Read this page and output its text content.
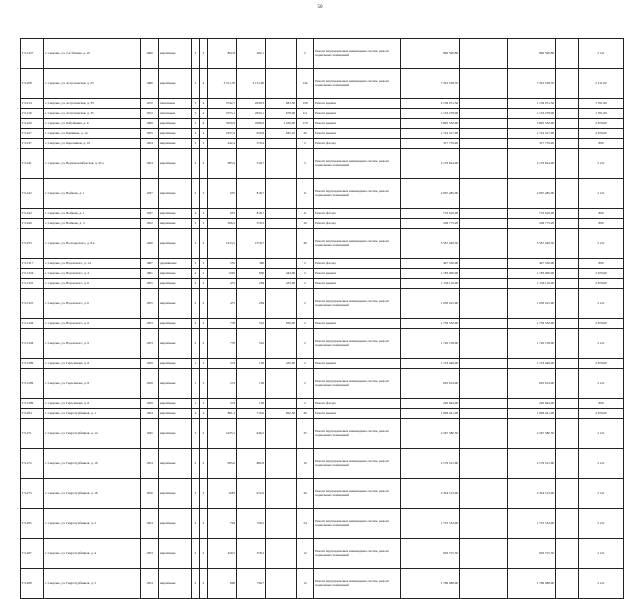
50
ГЗ-1327	г. Сызрань, ул. 2-я Упиная, д. 10	1960	кирпичные	2	2	802,8	282,1		2	Ремонт внутридомовых инженерных систем, ремонт подвальных помещений	890 590,88		890 590,88		2 211	
ГЗ-208	г. Сызрань, ул. Астраханская, д. 23	1966	кирпичные	5	4	3 311,70	3 131,90		144	Ремонт внутридомовых инженерных систем, ремонт подвальных помещений	7 322 168,70		7 322 168,70		2 211,00	
ГЗ-214	г. Сызрань, ул. Астраханская, д. 33	1972	панельные	5	4	3742,7	2639,3	681,50	128	Ремонт крыши	2 159 231,50		1 159 231,50		1 701,00	
ГЗ-216	г. Сызрань, ул. Астраханская, д. 35	1972	панельные	5	4	3753,1	2634,1	678,00	111	Ремонт крыши	1 153 278,00		1 153 278,00		1 701,00	
ГЗ-220	г. Сызрань, ул. Бабушкина, д. 6	1969	кирпичные	5	6	5050,9	4586,9	1 459,00	179	Ремонт крыши	3 895 530,00		3 895 530,00		2 670,00	
ГЗ-227	г. Сызрань, ул. Бекякина, д. 14	1955	кирпичные	3	4	1057,6	650,8	645,10	30	Ремонт крыши	1 722 417,00		1 722 417,00		2 670,00	
ГЗ-237	г. Сызрань, ул. Березняков, д. 10	1954	кирпичные	2	2	442,4	379,4		2	Ремонт фасада	317 776,40		317 776,40		806	
ГЗ-241	г. Сызрань, ул. Верхнеоктябрьская, д. 45 а	1954	кирпичные	2	2	985,9	519,7		5	Ремонт внутридомовых инженерных систем, ремонт подвальных помещений	2 179 824,90		2 179 824,90		2 211	
ГЗ-242	г. Сызрань, ул. Войкова, д. 1	1937	кирпичные	2	3	935	818,7		11	Ремонт внутридомовых инженерных систем, ремонт подвальных помещений	2 067 285,00		2 067 285,00		2 211	
ГЗ-242	г. Сызрань, ул. Войкова, д. 1	1937	кирпичные	2	3	935	818,7		11	Ремонт фасада	753 610,00		753 610,00		806	
ГЗ-249	г. Сызрань, ул. Войкова, д. 3	1952	кирпичные	2	2	569,2	370,2		16	Ремонт фасада	458 775,20		458 775,20		806	
ГЗ-253	г. Сызрань, ул. Володарского, д. 8 в	1940	кирпичные	3	2	1613,5	1576,7		40	Ремонт внутридомовых инженерных систем, ремонт подвальных помещений	3 567 448,50		3 567 448,50		2 211	
ГЗ-1317	г. Сызрань, ул. Воровского, д. 14	1967	деревянные	2	2	555	360		2	Ремонт фасада	447 330,00		447 330,00		806	
ГЗ-1324	г. Сызрань, ул. Воровского, д. 4	1961	кирпичные	4	2	1295	830	443,00	2	Ремонт крыши	1 183 490,00		1 183 490,00		2 670,00	
ГЗ-1325	г. Сызрань, ул. Воровского, д. 6	1955	кирпичные	2	2	475	284	433,00	2	Ремонт крыши	1 156 110,00		1 156 110,00		2 670,00	
ГЗ-1325	г. Сызрань, ул. Воровского, д. 6	1955	кирпичные	2	2	475	284		2	Ремонт внутридомовых инженерных систем, ремонт подвальных помещений	1 050 225,00		1 050 225,00		2 211	
ГЗ-1326	г. Сызрань, ул. Воровского, д. 9	1953	кирпичные	2	2	778	522	659,00	2	Ремонт крыши	1 759 530,00		1 759 530,00		2 670,00	
ГЗ-1326	г. Сызрань, ул. Воровского, д. 9	1953	кирпичные	2	2	778	522		2	Ремонт внутридомовых инженерных систем, ремонт подвальных помещений	1 720 158,00		1 720 158,00		2 211	
ГЗ-1299	г. Сызрань, ул. Герасимова, д. 8	1929	кирпичные	1	3	274	136	432,00	2	Ремонт крыши	1 153 440,00		1 153 440,00		2 670,00	
ГЗ-1299	г. Сызрань, ул. Герасимова, д. 8	1929	кирпичные	1	3	274	136		2	Ремонт внутридомовых инженерных систем, ремонт подвальных помещений	605 814,00		605 814,00		2 211	
ГЗ-1299	г. Сызрань, ул. Герасимова, д. 8	1929	кирпичные	1	3	274	136		2	Ремонт фасада	220 844,00		220 844,00		806	
ГЗ-264	г. Сызрань, ул. Гидротурбинная, д. 1	1954	кирпичные	2	2	881,2	719,6	692,30	36	Ремонт крыши	1 848 441,00		1 848 441,00		2 670,00	
ГЗ-271	г. Сызрань, ул. Гидротурбинная, д. 14	1945	кирпичные	3	2	1025,5	646,2		35	Ремонт внутридомовых инженерных систем, ремонт подвальных помещений	2 267 380,50		2 267 380,50		2 211	
ГЗ-272	г. Сызрань, ул. Гидротурбинная, д. 16	1954	кирпичные	2	2	985,6	882,8		16	Ремонт внутридомовых инженерных систем, ремонт подвальных помещений	2 179 161,60		2 179 161,60		2 211	
ГЗ-273	г. Сызрань, ул. Гидротурбинная, д. 18	1956	кирпичные	2	2	1083	972,6		30	Ремонт внутридомовых инженерных систем, ремонт подвальных помещений	2 394 513,00		2 394 513,00		2 211	
ГЗ-265	г. Сызрань, ул. Гидротурбинная, д. 2	1954	кирпичные	2	2	794	726,5		24	Ремонт внутридомовых инженерных систем, ремонт подвальных помещений	1 755 534,00		1 755 534,00		2 211	
ГЗ-267	г. Сызрань, ул. Гидротурбинная, д. 4	1953	кирпичные	2	2	420,5	378,2		12	Ремонт внутридомовых инженерных систем, ремонт подвальных помещений	929 725,50		929 725,50		2 211	
ГЗ-268	г. Сызрань, ул. Гидротурбинная, д. 5	1954	кирпичные	2	2	808	736,7		12	Ремонт внутридомовых инженерных систем, ремонт подвальных помещений	1 786 488,00		1 786 488,00		2 211	
